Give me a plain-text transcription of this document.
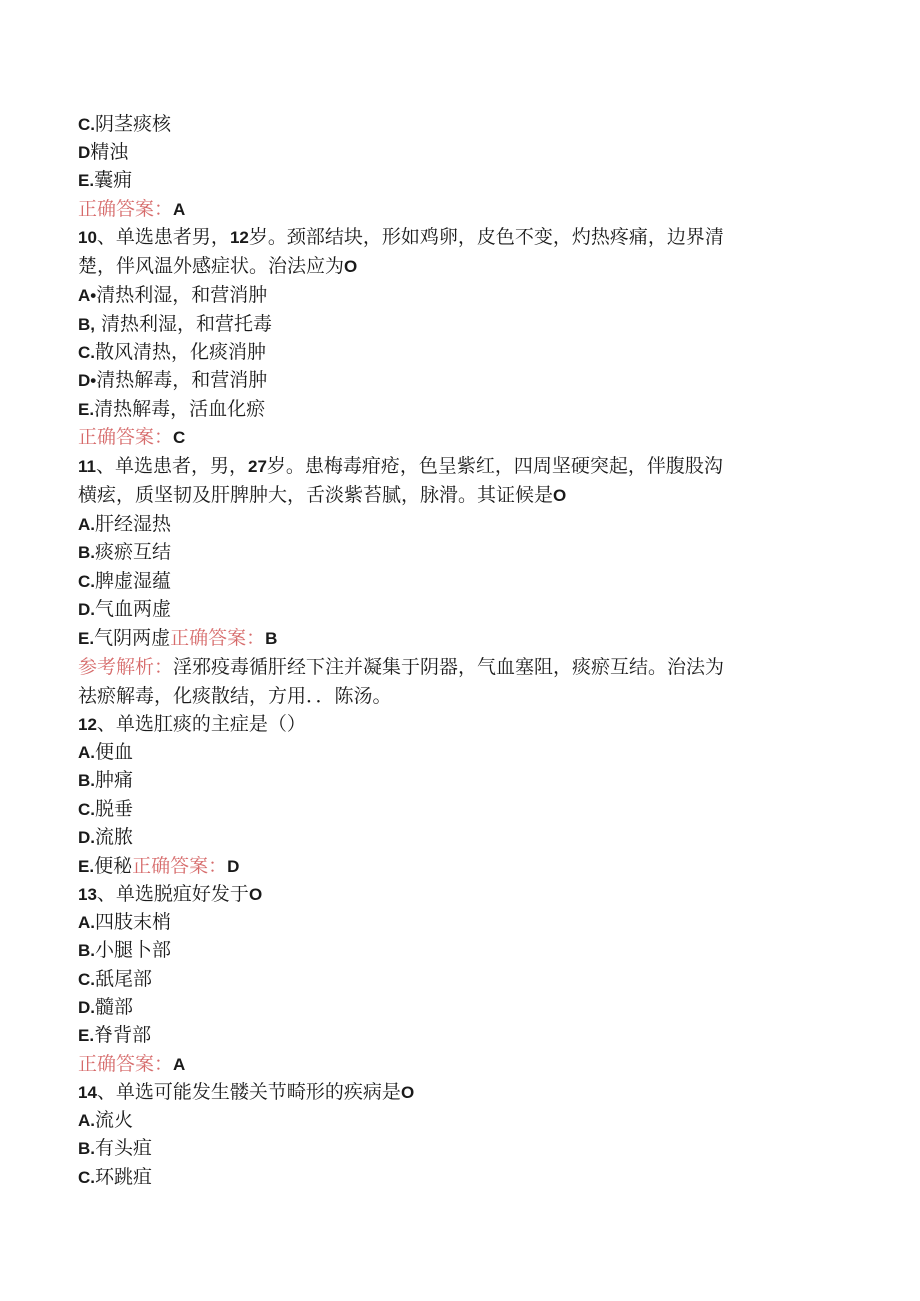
C.阴茎痰核
D精浊
E.囊痈
正确答案：A
10、单选患者男，12岁。颈部结块，形如鸡卵，皮色不变，灼热疼痛，边界清
楚，伴风温外感症状。治法应为O
A•清热利湿，和营消肿
B, 清热利湿，和营托毒
C.散风清热，化痰消肿
D•清热解毒，和营消肿
E.清热解毒，活血化瘀
正确答案：C
11、单选患者，男，27岁。患梅毒疳疮，色呈紫红，四周坚硬突起，伴腹股沟
横痃，质坚韧及肝脾肿大，舌淡紫苔腻，脉滑。其证候是O
A.肝经湿热
B.痰瘀互结
C.脾虚湿蕴
D.气血两虚
E.气阴两虚正确答案：B
参考解析：淫邪疫毒循肝经下注并凝集于阴器，气血塞阻，痰瘀互结。治法为
祛瘀解毒，化痰散结，方用．．陈汤。
12、单选肛痰的主症是（）
A.便血
B.肿痛
C.脱垂
D.流脓
E.便秘正确答案：D
13、单选脱疽好发于O
A.四肢末梢
B.小腿卜部
C.舐尾部
D.髓部
E.脊背部
正确答案：A
14、单选可能发生髅关节畸形的疾病是O
A.流火
B.有头疽
C.环跳疽
